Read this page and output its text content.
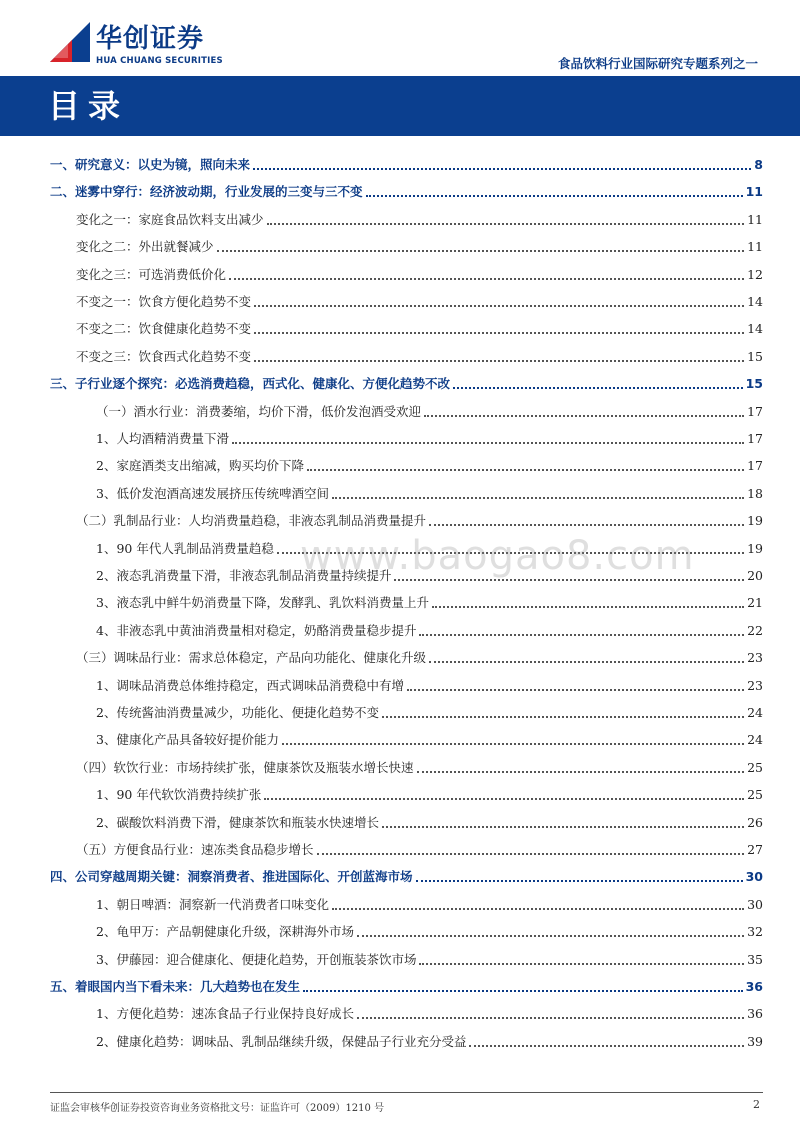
华创证券
HUA CHUANG SECURITIES	食品饮料行业国际研究专题系列之一
目录
一、研究意义：以史为镜，照向未来	8
二、迷雾中穿行：经济波动期，行业发展的三变与三不变	11
变化之一：家庭食品饮料支出减少	11
变化之二：外出就餐减少	11
变化之三：可选消费低价化	12
不变之一：饮食方便化趋势不变	14
不变之二：饮食健康化趋势不变	14
不变之三：饮食西式化趋势不变	15
三、子行业逐个探究：必选消费趋稳，西式化、健康化、方便化趋势不改	15
（一）酒水行业：消费萎缩，均价下滑，低价发泡酒受欢迎	17
1、人均酒精消费量下滑	17
2、家庭酒类支出缩减，购买均价下降	17
3、低价发泡酒高速发展挤压传统啤酒空间	18
（二）乳制品行业：人均消费量趋稳，非液态乳制品消费量提升	19
1、90 年代人乳制品消费量趋稳	19
2、液态乳消费量下滑，非液态乳制品消费量持续提升	20
3、液态乳中鲜牛奶消费量下降，发酵乳、乳饮料消费量上升	21
4、非液态乳中黄油消费量相对稳定，奶酪消费量稳步提升	22
（三）调味品行业：需求总体稳定，产品向功能化、健康化升级	23
1、调味品消费总体维持稳定，西式调味品消费稳中有增	23
2、传统酱油消费量减少，功能化、便捷化趋势不变	24
3、健康化产品具备较好提价能力	24
（四）软饮行业：市场持续扩张，健康茶饮及瓶装水增长快速	25
1、90 年代软饮消费持续扩张	25
2、碳酸饮料消费下滑，健康茶饮和瓶装水快速增长	26
（五）方便食品行业：速冻类食品稳步增长	27
四、公司穿越周期关键：洞察消费者、推进国际化、开创蓝海市场	30
1、朝日啤酒：洞察新一代消费者口味变化	30
2、龟甲万：产品朝健康化升级，深耕海外市场	32
3、伊藤园：迎合健康化、便捷化趋势，开创瓶装茶饮市场	35
五、着眼国内当下看未来：几大趋势也在发生	36
1、方便化趋势：速冻食品子行业保持良好成长	36
2、健康化趋势：调味品、乳制品继续升级，保健品子行业充分受益	39
www.baogao8.com
证监会审核华创证券投资咨询业务资格批文号：证监许可（2009）1210 号	2
